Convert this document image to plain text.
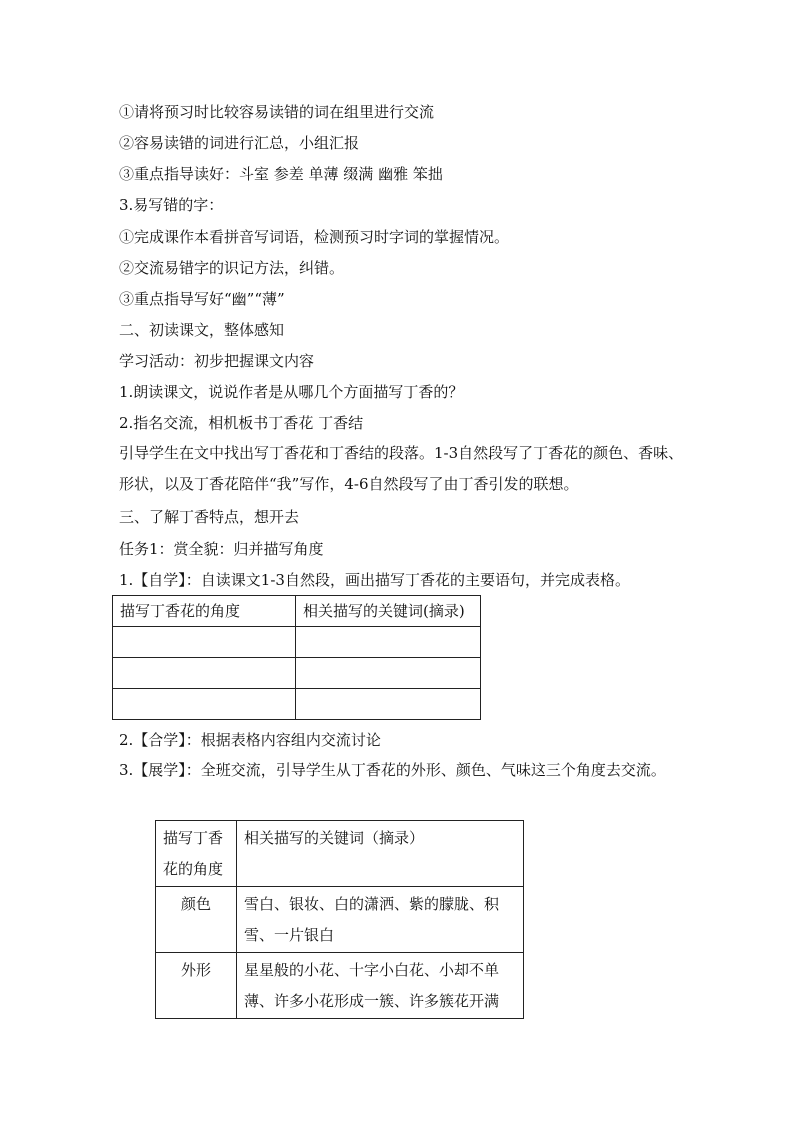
①请将预习时比较容易读错的词在组里进行交流
②容易读错的词进行汇总，小组汇报
③重点指导读好：斗室 参差 单薄 缀满 幽雅 笨拙
3.易写错的字：
①完成课作本看拼音写词语，检测预习时字词的掌握情况。
②交流易错字的识记方法，纠错。
③重点指导写好“幽”“薄”
二、初读课文，整体感知
学习活动：初步把握课文内容
1.朗读课文，说说作者是从哪几个方面描写丁香的？
2.指名交流，相机板书丁香花 丁香结
引导学生在文中找出写丁香花和丁香结的段落。1-3自然段写了丁香花的颜色、香味、形状，以及丁香花陪伴“我”写作，4-6自然段写了由丁香引发的联想。
三、了解丁香特点，想开去
任务1：赏全貌：归并描写角度
1.【自学】：自读课文1-3自然段，画出描写丁香花的主要语句，并完成表格。
描写丁香花的角度	相关描写的关键词(摘录)

2.【合学】：根据表格内容组内交流讨论
3.【展学】：全班交流，引导学生从丁香花的外形、颜色、气味这三个角度去交流。
描写丁香花的角度	相关描写的关键词（摘录）
颜色	雪白、银妆、白的潇洒、紫的朦胧、积雪、一片银白
外形	星星般的小花、十字小白花、小却不单薄、许多小花形成一簇、许多簇花开满
